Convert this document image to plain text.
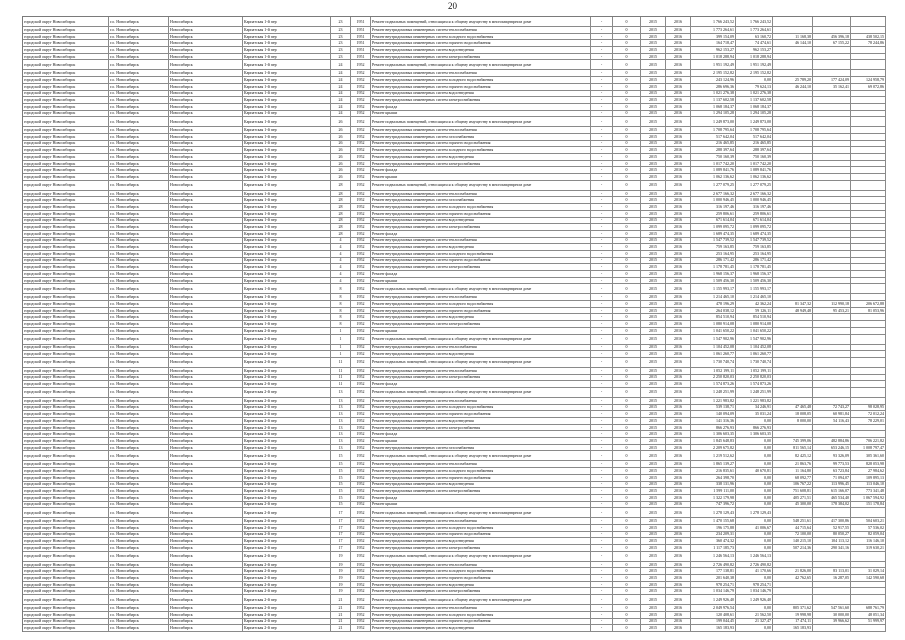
20
городской округ Новосибирск	г.о. Новосибирск	Новосибирск	Карпатская 1-й пер	23	1951	Ремонт подвальных помещений, относящихся к общему имуществу в многоквартирном доме	-	0	2015	2016	1 766 243,52	1 766 243,52
городской округ Новосибирск	г.о. Новосибирск	Новосибирск	Карпатская 1-й пер	23	1951	Ремонт внутридомовых инженерных систем теплоснабжения	-	0	2015	2016	1 773 264,61	1 773 264,61
городской округ Новосибирск	г.о. Новосибирск	Новосибирск	Карпатская 1-й пер	23	1951	Ремонт внутридомовых инженерных систем холодного водоснабжения	-	0	2015	2016	399 154,09	63 160,72	11 168,38	456 396,18	438 502,15
городской округ Новосибирск	г.о. Новосибирск	Новосибирск	Карпатская 1-й пер	23	1951	Ремонт внутридомовых инженерных систем горячего водоснабжения	-	0	2015	2016	164 718,47	74 474,61	46 144,10	67 155,22	78 244,86
городской округ Новосибирск	г.о. Новосибирск	Новосибирск	Карпатская 1-й пер	23	1951	Ремонт внутридомовых инженерных систем водоотведения	-	0	2015	2016	962 153,27	962 153,27
городской округ Новосибирск	г.о. Новосибирск	Новосибирск	Карпатская 1-й пер	23	1951	Ремонт внутридомовых инженерных систем электроснабжения	-	0	2015	2016	1 018 288,94	1 018 288,94
городской округ Новосибирск	г.о. Новосибирск	Новосибирск	Карпатская 1-й пер	24	1952	Ремонт подвальных помещений, относящихся к общему имуществу в многоквартирном доме	-	0	2015	2016	1 951 192,49	1 951 192,49
городской округ Новосибирск	г.о. Новосибирск	Новосибирск	Карпатская 1-й пер	24	1952	Ремонт внутридомовых инженерных систем теплоснабжения	-	0	2015	2016	2 195 152,82	2 195 152,82
городской округ Новосибирск	г.о. Новосибирск	Новосибирск	Карпатская 1-й пер	24	1952	Ремонт внутридомовых инженерных систем холодного водоснабжения	-	0	2015	2016	243 124,96	0,00	25 789,20	177 424,09	124 958,79
городской округ Новосибирск	г.о. Новосибирск	Новосибирск	Карпатская 1-й пер	24	1952	Ремонт внутридомовых инженерных систем горячего водоснабжения	-	0	2015	2016	286 696,36	79 624,13	46 244,10	35 162,41	69 072,86
городской округ Новосибирск	г.о. Новосибирск	Новосибирск	Карпатская 1-й пер	24	1952	Ремонт внутридомовых инженерных систем водоотведения	-	0	2015	2016	1 021 276,38	1 021 276,38
городской округ Новосибирск	г.о. Новосибирск	Новосибирск	Карпатская 1-й пер	24	1952	Ремонт внутридомовых инженерных систем электроснабжения	-	0	2015	2016	1 137 602,58	1 137 602,58
городской округ Новосибирск	г.о. Новосибирск	Новосибирск	Карпатская 1-й пер	24	1952	Ремонт фасада	-	0	2015	2016	1 068 184,37	1 068 184,37
городской округ Новосибирск	г.о. Новосибирск	Новосибирск	Карпатская 1-й пер	24	1952	Ремонт крыши	-	0	2015	2016	1 294 105,28	1 294 105,28
городской округ Новосибирск	г.о. Новосибирск	Новосибирск	Карпатская 1-й пер	26	1952	Ремонт подвальных помещений, относящихся к общему имуществу в многоквартирном доме	-	0	2015	2016	1 249 873,00	1 249 873,00
городской округ Новосибирск	г.о. Новосибирск	Новосибирск	Карпатская 1-й пер	26	1952	Ремонт внутридомовых инженерных систем теплоснабжения	-	0	2015	2016	1 708 795,64	1 708 795,64
городской округ Новосибирск	г.о. Новосибирск	Новосибирск	Карпатская 1-й пер	26	1952	Ремонт внутридомовых инженерных систем газоснабжения	-	0	2015	2016	517 642,04	517 642,04
городской округ Новосибирск	г.о. Новосибирск	Новосибирск	Карпатская 1-й пер	26	1952	Ремонт внутридомовых инженерных систем горячего водоснабжения	-	0	2015	2016	216 465,85	216 465,85
городской округ Новосибирск	г.о. Новосибирск	Новосибирск	Карпатская 1-й пер	26	1952	Ремонт внутридомовых инженерных систем холодного водоснабжения	-	0	2015	2016	288 397,64	288 397,64
городской округ Новосибирск	г.о. Новосибирск	Новосибирск	Карпатская 1-й пер	26	1952	Ремонт внутридомовых инженерных систем водоотведения	-	0	2015	2016	750 160,39	750 160,39
городской округ Новосибирск	г.о. Новосибирск	Новосибирск	Карпатская 1-й пер	26	1952	Ремонт внутридомовых инженерных систем электроснабжения	-	0	2015	2016	1 017 742,20	1 017 742,20
городской округ Новосибирск	г.о. Новосибирск	Новосибирск	Карпатская 1-й пер	26	1952	Ремонт фасада	-	0	2015	2016	1 089 841,76	1 089 841,76
городской округ Новосибирск	г.о. Новосибирск	Новосибирск	Карпатская 1-й пер	26	1952	Ремонт крыши	-	0	2015	2016	1 062 136,62	1 062 136,62
городской округ Новосибирск	г.о. Новосибирск	Новосибирск	Карпатская 1-й пер	28	1952	Ремонт подвальных помещений, относящихся к общему имуществу в многоквартирном доме	-	0	2015	2016	1 277 079,25	1 277 079,25
городской округ Новосибирск	г.о. Новосибирск	Новосибирск	Карпатская 1-й пер	28	1952	Ремонт внутридомовых инженерных систем теплоснабжения	-	0	2015	2016	2 677 166,32	2 677 166,32
городской округ Новосибирск	г.о. Новосибирск	Новосибирск	Карпатская 1-й пер	28	1952	Ремонт внутридомовых инженерных систем газоснабжения	-	0	2015	2016	1 000 946,45	1 000 946,45
городской округ Новосибирск	г.о. Новосибирск	Новосибирск	Карпатская 1-й пер	28	1952	Ремонт внутридомовых инженерных систем холодного водоснабжения	-	0	2015	2016	316 197,46	316 197,46
городской округ Новосибирск	г.о. Новосибирск	Новосибирск	Карпатская 1-й пер	28	1952	Ремонт внутридомовых инженерных систем горячего водоснабжения	-	0	2015	2016	259 806,61	259 806,61
городской округ Новосибирск	г.о. Новосибирск	Новосибирск	Карпатская 1-й пер	28	1952	Ремонт внутридомовых инженерных систем водоотведения	-	0	2015	2016	671 614,04	671 614,04
городской округ Новосибирск	г.о. Новосибирск	Новосибирск	Карпатская 1-й пер	28	1952	Ремонт внутридомовых инженерных систем электроснабжения	-	0	2015	2016	1 099 095,72	1 099 095,72
городской округ Новосибирск	г.о. Новосибирск	Новосибирск	Карпатская 1-й пер	28	1952	Ремонт фасада	-	0	2015	2016	1 689 474,35	1 689 474,35
городской округ Новосибирск	г.о. Новосибирск	Новосибирск	Карпатская 1-й пер	4	1952	Ремонт внутридомовых инженерных систем теплоснабжения	-	0	2015	2016	1 547 739,52	1 547 739,52
городской округ Новосибирск	г.о. Новосибирск	Новосибирск	Карпатская 1-й пер	4	1952	Ремонт внутридомовых инженерных систем водоотведения	-	0	2015	2016	759 163,85	759 163,85
городской округ Новосибирск	г.о. Новосибирск	Новосибирск	Карпатская 1-й пер	4	1952	Ремонт внутридомовых инженерных систем холодного водоснабжения	-	0	2015	2016	253 164,95	253 164,95
городской округ Новосибирск	г.о. Новосибирск	Новосибирск	Карпатская 1-й пер	4	1952	Ремонт внутридомовых инженерных систем горячего водоснабжения	-	0	2015	2016	286 171,42	286 171,42
городской округ Новосибирск	г.о. Новосибирск	Новосибирск	Карпатская 1-й пер	4	1952	Ремонт внутридомовых инженерных систем электроснабжения	-	0	2015	2016	1 178 781,45	1 178 781,45
городской округ Новосибирск	г.о. Новосибирск	Новосибирск	Карпатская 1-й пер	4	1952	Ремонт фасада	-	0	2015	2016	1 968 156,37	1 968 156,37
городской округ Новосибирск	г.о. Новосибирск	Новосибирск	Карпатская 1-й пер	4	1952	Ремонт крыши	-	0	2015	2016	1 509 456,30	1 509 456,30
городской округ Новосибирск	г.о. Новосибирск	Новосибирск	Карпатская 1-й пер	8	1952	Ремонт подвальных помещений, относящихся к общему имуществу в многоквартирном доме	-	0	2015	2016	1 155 993,17	1 155 993,17
городской округ Новосибирск	г.о. Новосибирск	Новосибирск	Карпатская 1-й пер	8	1952	Ремонт внутридомовых инженерных систем теплоснабжения	-	0	2015	2016	1 214 465,10	1 214 465,10
городской округ Новосибирск	г.о. Новосибирск	Новосибирск	Карпатская 1-й пер	8	1952	Ремонт внутридомовых инженерных систем холодного водоснабжения	-	0	2015	2016	478 196,29	42 362,24	81 347,32	112 990,18	206 672,88
городской округ Новосибирск	г.о. Новосибирск	Новосибирск	Карпатская 1-й пер	8	1952	Ремонт внутридомовых инженерных систем горячего водоснабжения	-	0	2015	2016	264 038,12	59 126,11	48 949,48	95 453,21	81 053,96
городской округ Новосибирск	г.о. Новосибирск	Новосибирск	Карпатская 1-й пер	8	1952	Ремонт внутридомовых инженерных систем водоотведения	-	0	2015	2016	854 510,94	854 510,94
городской округ Новосибирск	г.о. Новосибирск	Новосибирск	Карпатская 1-й пер	8	1952	Ремонт внутридомовых инженерных систем электроснабжения	-	0	2015	2016	1 080 914,08	1 080 914,08
городской округ Новосибирск	г.о. Новосибирск	Новосибирск	Карпатская 2-й пер	1	1952	Ремонт крыши	-	0	2015	2016	1 041 650,22	1 041 650,22
городской округ Новосибирск	г.о. Новосибирск	Новосибирск	Карпатская 2-й пер	1	1952	Ремонт подвальных помещений, относящихся к общему имуществу в многоквартирном доме	-	0	2015	2016	1 547 902,96	1 547 902,96
городской округ Новосибирск	г.о. Новосибирск	Новосибирск	Карпатская 2-й пер	1	1952	Ремонт внутридомовых инженерных систем теплоснабжения	-	0	2015	2016	1 104 452,08	1 104 452,08
городской округ Новосибирск	г.о. Новосибирск	Новосибирск	Карпатская 2-й пер	1	1952	Ремонт внутридомовых инженерных систем водоотведения	-	0	2015	2016	1 061 260,77	1 061 260,77
городской округ Новосибирск	г.о. Новосибирск	Новосибирск	Карпатская 2-й пер	11	1952	Ремонт подвальных помещений, относящихся к общему имуществу в многоквартирном доме	-	0	2015	2016	1 730 740,74	1 730 740,74
городской округ Новосибирск	г.о. Новосибирск	Новосибирск	Карпатская 2-й пер	11	1952	Ремонт внутридомовых инженерных систем теплоснабжения	-	0	2015	2016	1 052 199,11	1 052 199,11
городской округ Новосибирск	г.о. Новосибирск	Новосибирск	Карпатская 2-й пер	11	1952	Ремонт внутридомовых инженерных систем электроснабжения	-	0	2015	2016	2 250 820,03	2 250 820,03
городской округ Новосибирск	г.о. Новосибирск	Новосибирск	Карпатская 2-й пер	11	1952	Ремонт фасада	-	0	2015	2016	1 574 873,26	1 574 873,26
городской округ Новосибирск	г.о. Новосибирск	Новосибирск	Карпатская 2-й пер	13	1952	Ремонт подвальных помещений, относящихся к общему имуществу в многоквартирном доме	-	0	2015	2016	1 248 251,99	1 248 251,99
городской округ Новосибирск	г.о. Новосибирск	Новосибирск	Карпатская 2-й пер	13	1952	Ремонт внутридомовых инженерных систем теплоснабжения	-	0	2015	2016	1 221 983,82	1 221 983,82
городской округ Новосибирск	г.о. Новосибирск	Новосибирск	Карпатская 2-й пер	13	1952	Ремонт внутридомовых инженерных систем холодного водоснабжения	-	0	2015	2016	539 138,71	34 246,91	47 465,48	72 743,27	98 028,95
городской округ Новосибирск	г.о. Новосибирск	Новосибирск	Карпатская 2-й пер	13	1952	Ремонт внутридомовых инженерных систем горячего водоснабжения	-	0	2015	2016	140 094,09	35 031,24	18 008,05	60 981,84	72 012,24
городской округ Новосибирск	г.о. Новосибирск	Новосибирск	Карпатская 2-й пер	13	1952	Ремонт внутридомовых инженерных систем водоотведения	-	0	2015	2016	141 316,36	0,00	8 000,00	54 116,43	78 229,01
городской округ Новосибирск	г.о. Новосибирск	Новосибирск	Карпатская 2-й пер	13	1952	Ремонт внутридомовых инженерных систем электроснабжения	-	0	2015	2016	866 276,93	866 276,93
городской округ Новосибирск	г.о. Новосибирск	Новосибирск	Карпатская 2-й пер	13	1952	Ремонт фасада	-	0	2015	2016	1 306 603,35	1 306 603,35
городской округ Новосибирск	г.о. Новосибирск	Новосибирск	Карпатская 2-й пер	13	1952	Ремонт крыши	-	0	2015	2016	1 845 648,83	0,00	745 399,06	482 884,86	706 221,82
городской округ Новосибирск	г.о. Новосибирск	Новосибирск	Карпатская 2-й пер	13	1952	Ремонт внутридомовых инженерных систем газоснабжения	-	0	2015	2016	2 209 675,82	0,00	811 565,14	653 246,15	1 008 797,47
городской округ Новосибирск	г.о. Новосибирск	Новосибирск	Карпатская 2-й пер	15	1952	Ремонт подвальных помещений, относящихся к общему имуществу в многоквартирном доме	-	0	2015	2016	1 219 512,62	0,00	82 425,12	93 326,09	305 361,60
городской округ Новосибирск	г.о. Новосибирск	Новосибирск	Карпатская 2-й пер	15	1952	Ремонт внутридомовых инженерных систем теплоснабжения	-	0	2015	2016	1 865 139,27	0,00	21 863,76	99 773,53	828 053,98
городской округ Новосибирск	г.о. Новосибирск	Новосибирск	Карпатская 2-й пер	15	1952	Ремонт внутридомовых инженерных систем холодного водоснабжения	-	0	2015	2016	216 835,61	40 670,81	11 164,80	63 723,84	27 984,62
городской округ Новосибирск	г.о. Новосибирск	Новосибирск	Карпатская 2-й пер	15	1952	Ремонт внутридомовых инженерных систем горячего водоснабжения	-	0	2015	2016	264 398,70	0,00	68 092,77	71 094,07	109 895,13
городской округ Новосибирск	г.о. Новосибирск	Новосибирск	Карпатская 2-й пер	15	1952	Ремонт внутридомовых инженерных систем водоотведения	-	0	2015	2016	338 131,96	0,00	106 767,22	113 996,45	113 046,10
городской округ Новосибирск	г.о. Новосибирск	Новосибирск	Карпатская 2-й пер	15	1952	Ремонт внутридомовых инженерных систем электроснабжения	-	0	2015	2016	1 599 111,00	0,00	751 608,81	615 166,07	773 341,48
городской округ Новосибирск	г.о. Новосибирск	Новосибирск	Карпатская 2-й пер	15	1952	Ремонт фасада	-	0	2015	2016	1 322 179,98	0,00	405 271,51	465 534,40	1 067 594,92
городской округ Новосибирск	г.о. Новосибирск	Новосибирск	Карпатская 2-й пер	15	1952	Ремонт крыши	-	0	2015	2016	747 396,72	0,00	45 300,00	178 384,02	151 178,84
городской округ Новосибирск	г.о. Новосибирск	Новосибирск	Карпатская 2-й пер	17	1952	Ремонт подвальных помещений, относящихся к общему имуществу в многоквартирном доме	-	0	2015	2016	1 278 129,43	1 278 129,43
городской округ Новосибирск	г.о. Новосибирск	Новосибирск	Карпатская 2-й пер	17	1952	Ремонт внутридомовых инженерных систем теплоснабжения	-	0	2015	2016	1 470 155,68	0,00	548 251,61	417 300,86	504 603,21
городской округ Новосибирск	г.о. Новосибирск	Новосибирск	Карпатская 2-й пер	17	1952	Ремонт внутридомовых инженерных систем холодного водоснабжения	-	0	2015	2016	196 175,88	41 006,67	44 715,64	52 917,55	57 536,02
городской округ Новосибирск	г.о. Новосибирск	Новосибирск	Карпатская 2-й пер	17	1952	Ремонт внутридомовых инженерных систем горячего водоснабжения	-	0	2015	2016	234 209,31	0,00	72 100,00	80 050,27	82 059,04
городской округ Новосибирск	г.о. Новосибирск	Новосибирск	Карпатская 2-й пер	17	1952	Ремонт внутридомовых инженерных систем водоотведения	-	0	2015	2016	360 474,32	0,00	140 215,10	104 113,12	116 146,10
городской округ Новосибирск	г.о. Новосибирск	Новосибирск	Карпатская 2-й пер	17	1952	Ремонт внутридомовых инженерных систем электроснабжения	-	0	2015	2016	1 117 185,73	0,00	507 214,36	290 341,16	319 630,21
городской округ Новосибирск	г.о. Новосибирск	Новосибирск	Карпатская 2-й пер	19	1952	Ремонт подвальных помещений, относящихся к общему имуществу в многоквартирном доме	-	0	2015	2016	1 246 564,13	1 246 564,13
городской округ Новосибирск	г.о. Новосибирск	Новосибирск	Карпатская 2-й пер	19	1952	Ремонт внутридомовых инженерных систем теплоснабжения	-	0	2015	2016	2 726 490,82	2 726 490,82
городской округ Новосибирск	г.о. Новосибирск	Новосибирск	Карпатская 2-й пер	19	1952	Ремонт внутридомовых инженерных систем холодного водоснабжения	-	0	2015	2016	177 138,81	41 170,66	21 826,00	83 113,01	31 029,14
городской округ Новосибирск	г.о. Новосибирск	Новосибирск	Карпатская 2-й пер	19	1952	Ремонт внутридомовых инженерных систем горячего водоснабжения	-	0	2015	2016	201 640,38	0,00	42 762,65	16 287,05	142 590,68
городской округ Новосибирск	г.о. Новосибирск	Новосибирск	Карпатская 2-й пер	19	1952	Ремонт внутридомовых инженерных систем водоотведения	-	0	2015	2016	978 254,71	978 254,71
городской округ Новосибирск	г.о. Новосибирск	Новосибирск	Карпатская 2-й пер	19	1952	Ремонт внутридомовых инженерных систем электроснабжения	-	0	2015	2016	1 034 146,79	1 034 146,79
городской округ Новосибирск	г.о. Новосибирск	Новосибирск	Карпатская 2-й пер	21	1952	Ремонт подвальных помещений, относящихся к общему имуществу в многоквартирном доме	-	0	2015	2016	1 249 926,40	1 249 926,40
городской округ Новосибирск	г.о. Новосибирск	Новосибирск	Карпатская 2-й пер	21	1952	Ремонт внутридомовых инженерных систем теплоснабжения	-	0	2015	2016	2 049 976,54	0,00	805 371,62	547 561,60	688 761,79
городской округ Новосибирск	г.о. Новосибирск	Новосибирск	Карпатская 2-й пер	21	1952	Ремонт внутридомовых инженерных систем холодного водоснабжения	-	0	2015	2016	120 408,61	21 562,50	19 998,98	30 000,00	48 051,34
городской округ Новосибирск	г.о. Новосибирск	Новосибирск	Карпатская 2-й пер	21	1952	Ремонт внутридомовых инженерных систем горячего водоснабжения	-	0	2015	2016	199 044,45	21 327,47	17 474,11	39 966,62	51 999,97
городской округ Новосибирск	г.о. Новосибирск	Новосибирск	Карпатская 2-й пер	21	1952	Ремонт внутридомовых инженерных систем водоотведения	-	0	2015	2016	165 183,93	0,00	165 183,93
